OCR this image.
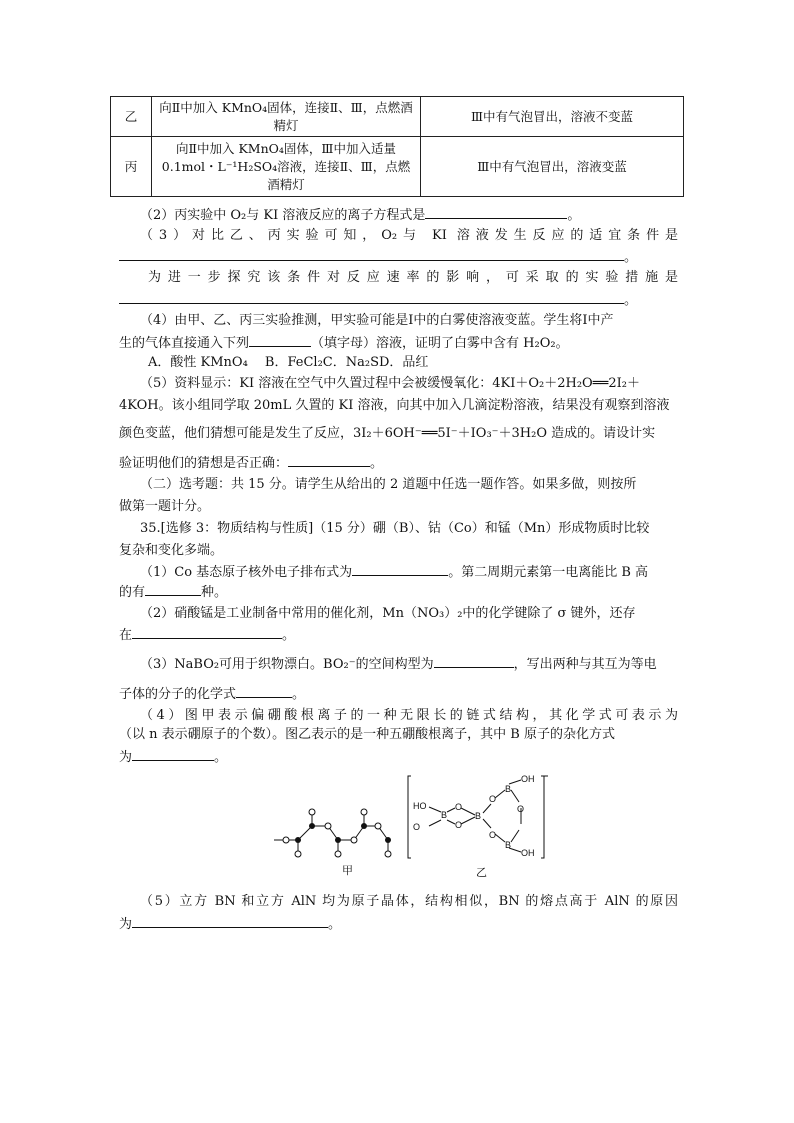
乙	向Ⅱ中加入 KMnO₄固体，连接Ⅱ、Ⅲ，点燃酒精灯	Ⅲ中有气泡冒出，溶液不变蓝
丙	向Ⅱ中加入 KMnO₄固体，Ⅲ中加入适量0.1mol・L⁻¹H₂SO₄溶液，连接Ⅱ、Ⅲ，点燃酒精灯	Ⅲ中有气泡冒出，溶液变蓝
（2）丙实验中 O₂与 KI 溶液反应的离子方程式是	。
（3）对比乙、丙实验可知，O₂与 KI 溶液发生反应的适宜条件是
。
为进一步探究该条件对反应速率的影响，可采取的实验措施是
。
（4）由甲、乙、丙三实验推测，甲实验可能是Ⅰ中的白雾使溶液变蓝。学生将Ⅰ中产
生的气体直接通入下列	（填字母）溶液，证明了白雾中含有 H₂O₂。
A．酸性 KMnO₄　 B．FeCl₂C．Na₂SD．品红
（5）资料显示：KI 溶液在空气中久置过程中会被缓慢氧化：4KI＋O₂＋2H₂O══2I₂＋
4KOH。该小组同学取 20mL 久置的 KI 溶液，向其中加入几滴淀粉溶液，结果没有观察到溶液
颜色变蓝，他们猜想可能是发生了反应，3I₂＋6OH⁻══5I⁻＋IO₃⁻＋3H₂O 造成的。请设计实
验证明他们的猜想是否正确：	。
（二）选考题：共 15 分。请学生从给出的 2 道题中任选一题作答。如果多做，则按所
做第一题计分。
35.[选修 3：物质结构与性质]（15 分）硼（B）、钴（Co）和锰（Mn）形成物质时比较
复杂和变化多端。
（1）Co 基态原子核外电子排布式为	。第二周期元素第一电离能比 B 高
的有	种。
（2）硝酸锰是工业制备中常用的催化剂，Mn（NO₃）₂中的化学键除了 σ 键外，还存
在	。
（3）NaBO₂可用于织物漂白。BO₂⁻的空间构型为	，写出两种与其互为等电
子体的分子的化学式	。
（4）图甲表示偏硼酸根离子的一种无限长的链式结构，其化学式可表示为
（以 n 表示硼原子的个数）。图乙表示的是一种五硼酸根离子，其中 B 原子的杂化方式
为	。
甲
HO
O
B
O
O
B
O
O
B
B
O
OH
OH
乙
（5）立方 BN 和立方 AlN 均为原子晶体，结构相似，BN 的熔点高于 AlN 的原因
为	。
